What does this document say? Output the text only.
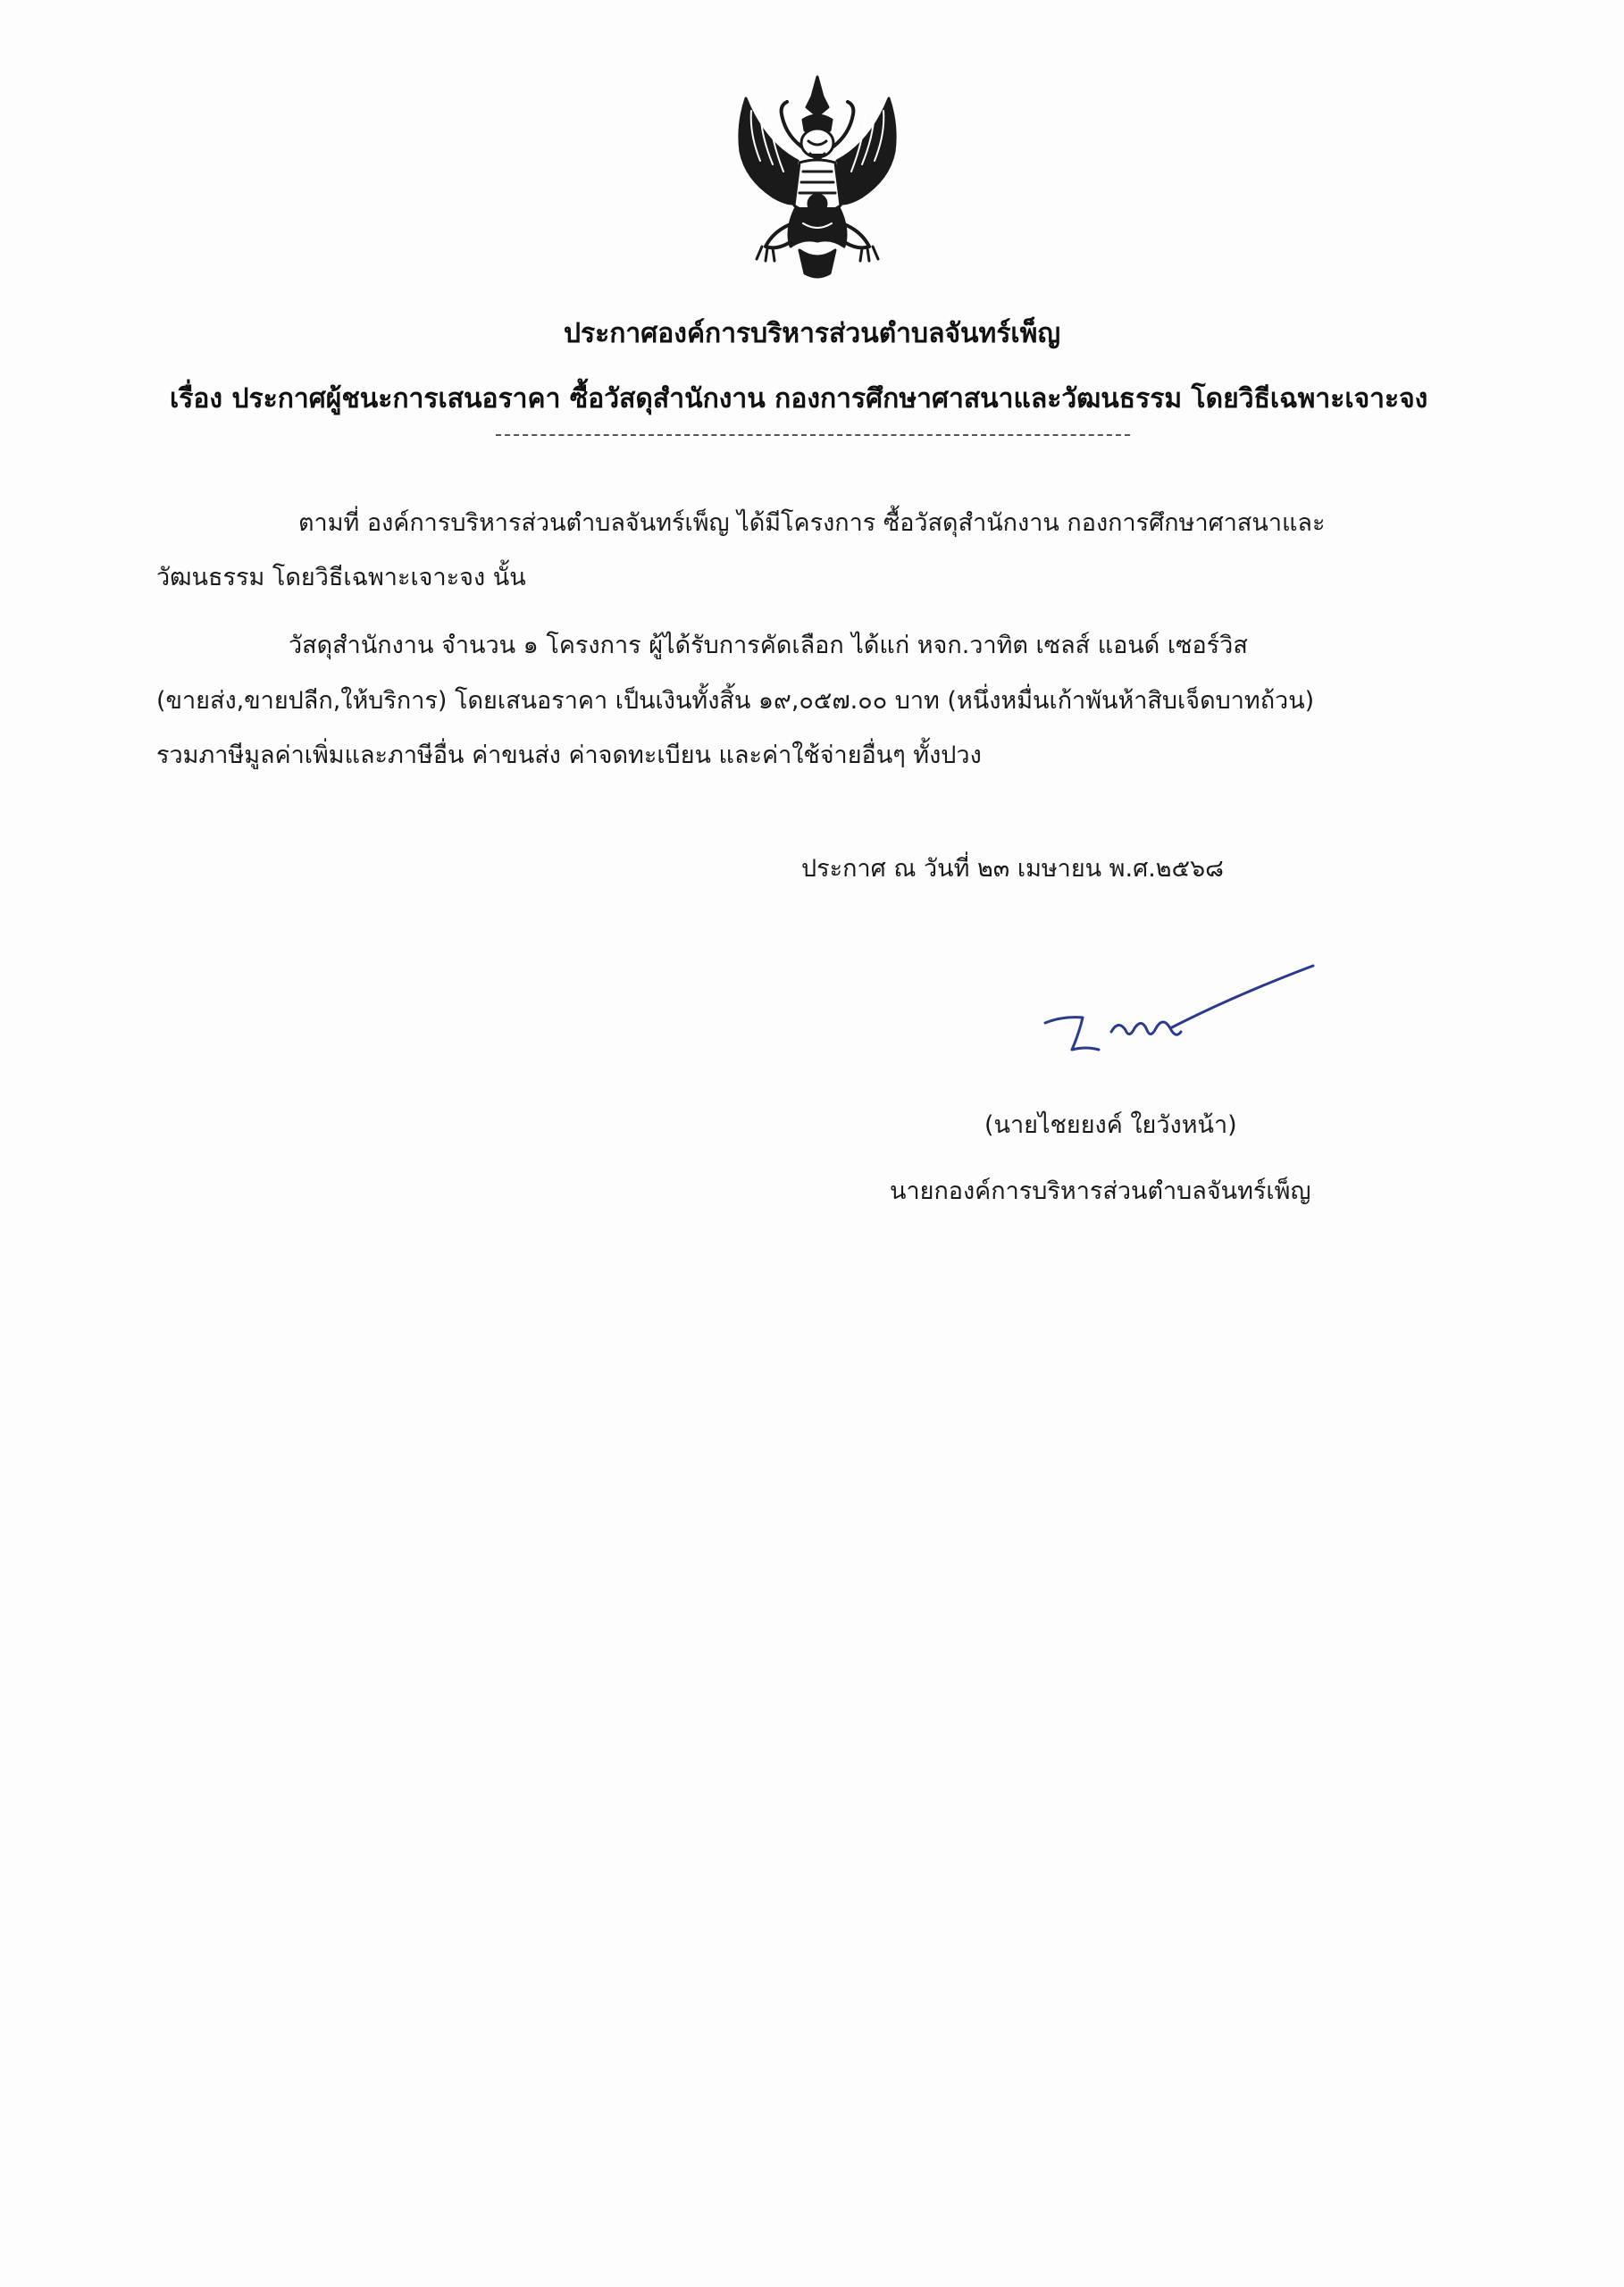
ประกาศองค์การบริหารส่วนตำบลจันทร์เพ็ญ
เรื่อง ประกาศผู้ชนะการเสนอราคา ซื้อวัสดุสำนักงาน กองการศึกษาศาสนาและวัฒนธรรม โดยวิธีเฉพาะเจาะจง
ตามที่ องค์การบริหารส่วนตำบลจันทร์เพ็ญ ได้มีโครงการ ซื้อวัสดุสำนักงาน กองการศึกษาศาสนาและ
วัฒนธรรม โดยวิธีเฉพาะเจาะจง นั้น
วัสดุสำนักงาน จำนวน ๑ โครงการ ผู้ได้รับการคัดเลือก ได้แก่ หจก.วาทิต เซลส์ แอนด์ เซอร์วิส
(ขายส่ง,ขายปลีก,ให้บริการ) โดยเสนอราคา เป็นเงินทั้งสิ้น ๑๙,๐๕๗.๐๐ บาท (หนึ่งหมื่นเก้าพันห้าสิบเจ็ดบาทถ้วน)
รวมภาษีมูลค่าเพิ่มและภาษีอื่น ค่าขนส่ง ค่าจดทะเบียน และค่าใช้จ่ายอื่นๆ ทั้งปวง
ประกาศ ณ วันที่ ๒๓ เมษายน พ.ศ.๒๕๖๘
(นายไชยยงค์ ใยวังหน้า)
นายกองค์การบริหารส่วนตำบลจันทร์เพ็ญ
